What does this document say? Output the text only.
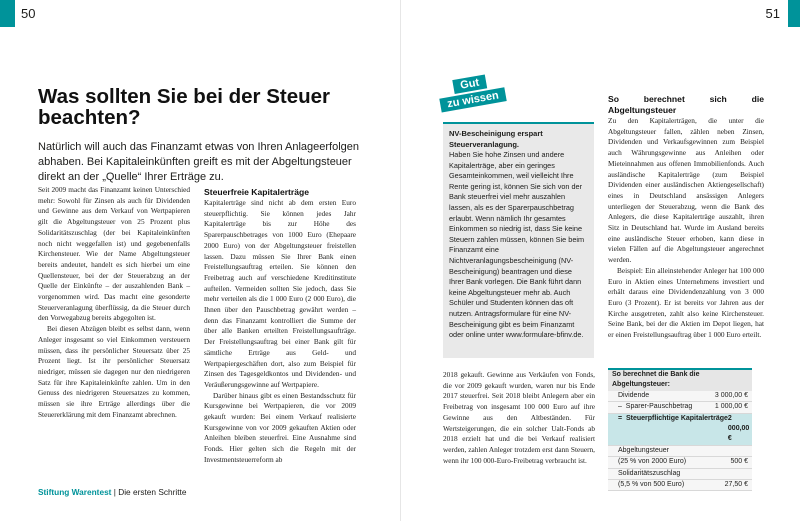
50	51
Was sollten Sie bei der Steuer beachten?

Natürlich will auch das Finanzamt etwas von Ihren Anlageerfolgen abhaben. Bei Kapitaleinkünften greift es mit der Abgeltungsteuer direkt an der „Quelle“ Ihrer Erträge zu.

Seit 2009 macht das Finanzamt keinen Unterschied mehr: Sowohl für Zinsen als auch für Dividenden und Gewinne aus dem Verkauf von Wertpapieren gilt die Abgeltungsteuer von 25 Prozent plus Solidaritätszuschlag (der bei Kapitaleinkünften noch nicht weggefallen ist) und gegebenenfalls Kirchensteuer. Wie der Name Abgeltungsteuer bereits andeutet, handelt es sich hierbei um eine Quellensteuer, bei der der Steuerabzug an der Quelle der Einkünfte – der auszahlenden Bank – vorgenommen wird. Das macht eine gesonderte Steuerveranlagung überflüssig, da die Steuer durch den Vorwegabzug bereits abgegolten ist.

Bei diesen Abzügen bleibt es selbst dann, wenn Anleger insgesamt so viel Einkommen versteuern müssen, dass ihr persönlicher Steuersatz über 25 Prozent liegt. Ist ihr persönlicher Steuersatz niedriger, müssen sie dagegen nur den niedrigeren Satz für ihre Kapitaleinkünfte zahlen. Um in den Genuss des niedrigeren Steuersatzes zu kommen, müssen sie ihre Erträge allerdings über die Steuererklärung mit dem Finanzamt abrechnen.

Steuerfreie Kapitalerträge

Kapitalerträge sind nicht ab dem ersten Euro steuerpflichtig. Sie können jedes Jahr Kapitalerträge bis zur Höhe des Sparerpauschbetrages von 1000 Euro (Ehepaare 2000 Euro) von der Abgeltungsteuer freistellen lassen. Dazu müssen Sie Ihrer Bank einen Freistellungsauftrag erteilen. Sie können den Freibetrag auch auf verschiedene Kreditinstitute aufteilen. Vermeiden sollten Sie jedoch, dass Sie mehr verteilen als die 1 000 Euro (2 000 Euro), die Ihnen über den Pauschbetrag gewährt werden – denn das Finanzamt kontrolliert die Summe der über alle Banken erteilten Freistellungsaufträge. Der Freistellungsauftrag bei einer Bank gilt für sämtliche Erträge aus Geld- und Wertpapiergeschäften dort, also zum Beispiel für Zinsen des Tagesgeldkontos und Dividenden- und Veräußerungsgewinne auf Wertpapiere.

Darüber hinaus gibt es einen Bestandsschutz für Kursgewinne bei Wertpapieren, die vor 2009 gekauft wurden: Bei einem Verkauf realisierte Kursgewinne von vor 2009 gekauften Aktien oder Anleihen bleiben steuerfrei. Eine Ausnahme sind Fonds. Hier gelten sich die Regeln mit der Investmentsteuerreform ab

Gut
zu wissen
NV-Bescheinigung erspart Steuerveranlagung.

Haben Sie hohe Zinsen und andere Kapitalerträge, aber ein geringes Gesamteinkommen, weil vielleicht Ihre Rente gering ist, können Sie sich von der Bank steuerfrei viel mehr auszahlen lassen, als es der Sparerpauschbetrag erlaubt. Wenn nämlich Ihr gesamtes Einkommen so niedrig ist, dass Sie keine Steuern zahlen müssen, können Sie beim Finanzamt eine Nichtveranlagungsbescheinigung (NV-Bescheinigung) beantragen und diese Ihrer Bank vorlegen. Die Bank führt dann keine Abgeltungsteuer mehr ab. Auch Schüler und Studenten können das oft nutzen. Antragsformulare für eine NV-Bescheinigung gibt es beim Finanzamt oder online unter www.formulare-bfinv.de.

2018 gekauft. Gewinne aus Verkäufen von Fonds, die vor 2009 gekauft wurden, waren nur bis Ende 2017 steuerfrei. Seit 2018 bleibt Anlegern aber ein Freibetrag von insgesamt 100 000 Euro auf ihre Gewinne aus den Altbeständen. Für Wertsteigerungen, die ein solcher Ualt-Fonds ab 2018 erzielt hat und die bei Verkauf realisiert werden, zahlen Anleger trotzdem erst dann Steuern, wenn ihr 100 000-Euro-Freibetrag verbraucht ist.

So berechnet sich die Abgeltungsteuer

Zu den Kapitalerträgen, die unter die Abgeltungsteuer fallen, zählen neben Zinsen, Dividenden und Verkaufsgewinnen zum Beispiel auch Währungsgewinne aus Anleihen oder Mieteinnahmen aus offenen Immobilienfonds. Auch ausländische Kapitalerträge (zum Beispiel Dividenden einer ausländischen Aktiengesellschaft) eines in Deutschland ansässigen Anlegers unterliegen der Steuerabzug, wenn die Bank des Anlegers, die diese Kapitalerträge auszahlt, ihren Sitz in Deutschland hat. Wurde im Ausland bereits eine ausländische Steuer erhoben, kann diese in vielen Fällen auf die Abgeltungsteuer angerechnet werden.

Beispiel: Ein alleinstehender Anleger hat 100 000 Euro in Aktien eines Unternehmens investiert und erhält daraus eine Dividendenzahlung von 3 000 Euro (3 Prozent). Er ist bereits vor Jahren aus der Kirche ausgetreten, zahlt also keine Kirchensteuer. Seine Bank, bei der die Aktien im Depot liegen, hat er einen Freistellungsauftrag über 1 000 Euro erteilt.

So berechnet die Bank die Abgeltungsteuer:
Dividende	3 000,00 €
–  Sparer-Pauschbetrag	1 000,00 €
=  Steuerpflichtige Kapitalerträge 2 000,00 €
Abgeltungsteuer
(25 % von 2000 Euro)	500 €
Solidaritätszuschlag
(5,5 % von 500 Euro)	27,50 €
Stiftung Warentest | Die ersten Schritte
